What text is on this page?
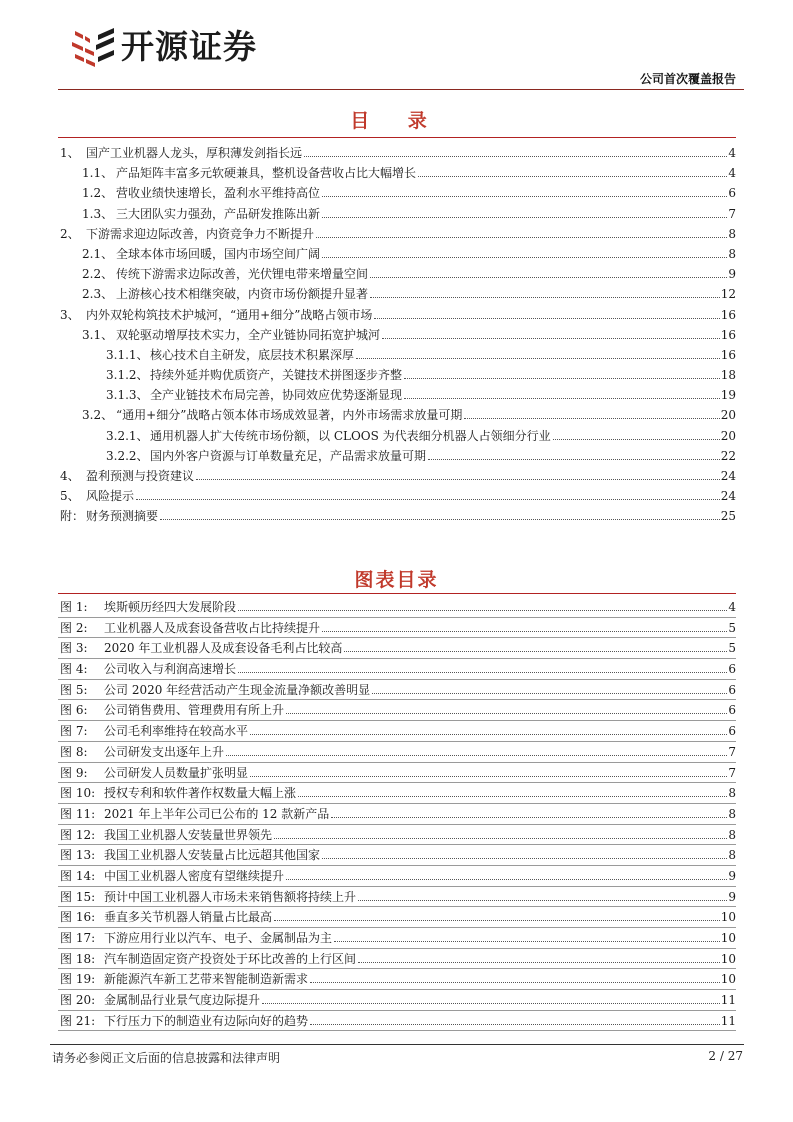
开源证券
公司首次覆盖报告
目 录
1、 国产工业机器人龙头，厚积薄发剑指长远	4
1.1、 产品矩阵丰富多元软硬兼具，整机设备营收占比大幅增长	4
1.2、 营收业绩快速增长，盈利水平维持高位	6
1.3、 三大团队实力强劲，产品研发推陈出新	7
2、 下游需求迎边际改善，内资竞争力不断提升	8
2.1、 全球本体市场回暖，国内市场空间广阔	8
2.2、 传统下游需求边际改善，光伏锂电带来增量空间	9
2.3、 上游核心技术相继突破，内资市场份额提升显著	12
3、 内外双轮构筑技术护城河，“通用+细分”战略占领市场	16
3.1、 双轮驱动增厚技术实力，全产业链协同拓宽护城河	16
3.1.1、核心技术自主研发，底层技术积累深厚	16
3.1.2、持续外延并购优质资产，关键技术拼图逐步齐整	18
3.1.3、全产业链技术布局完善，协同效应优势逐渐显现	19
3.2、 “通用+细分”战略占领本体市场成效显著，内外市场需求放量可期	20
3.2.1、通用机器人扩大传统市场份额，以 CLOOS 为代表细分机器人占领细分行业	20
3.2.2、国内外客户资源与订单数量充足，产品需求放量可期	22
4、 盈利预测与投资建议	24
5、 风险提示	24
附： 财务预测摘要	25
图表目录
图 1: 埃斯顿历经四大发展阶段	4
图 2: 工业机器人及成套设备营收占比持续提升	5
图 3: 2020 年工业机器人及成套设备毛利占比较高	5
图 4: 公司收入与利润高速增长	6
图 5: 公司 2020 年经营活动产生现金流量净额改善明显	6
图 6: 公司销售费用、管理费用有所上升	6
图 7: 公司毛利率维持在较高水平	6
图 8: 公司研发支出逐年上升	7
图 9: 公司研发人员数量扩张明显	7
图 10: 授权专利和软件著作权数量大幅上涨	8
图 11: 2021 年上半年公司已公布的 12 款新产品	8
图 12: 我国工业机器人安装量世界领先	8
图 13: 我国工业机器人安装量占比远超其他国家	8
图 14: 中国工业机器人密度有望继续提升	9
图 15: 预计中国工业机器人市场未来销售额将持续上升	9
图 16: 垂直多关节机器人销量占比最高	10
图 17: 下游应用行业以汽车、电子、金属制品为主	10
图 18: 汽车制造固定资产投资处于环比改善的上行区间	10
图 19: 新能源汽车新工艺带来智能制造新需求	10
图 20: 金属制品行业景气度边际提升	11
图 21: 下行压力下的制造业有边际向好的趋势	11
请务必参阅正文后面的信息披露和法律声明	2 / 27
